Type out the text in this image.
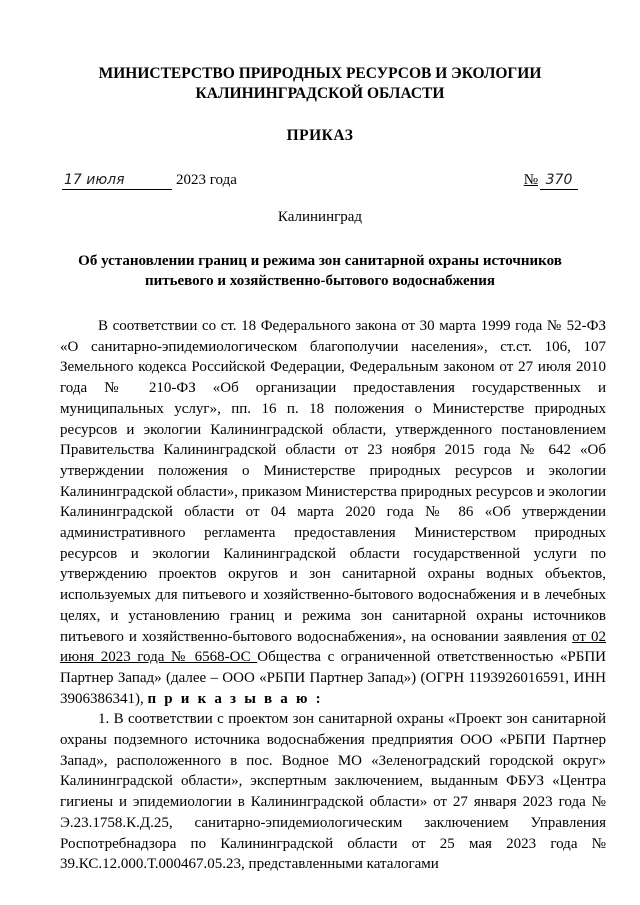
МИНИСТЕРСТВО ПРИРОДНЫХ РЕСУРСОВ И ЭКОЛОГИИ
КАЛИНИНГРАДСКОЙ ОБЛАСТИ
ПРИКАЗ
17 июля	2023 года	№ 370
Калининград
Об установлении границ и режима зон санитарной охраны источников питьевого и хозяйственно-бытового водоснабжения

В соответствии со ст. 18 Федерального закона от 30 марта 1999 года № 52-ФЗ «О санитарно-эпидемиологическом благополучии населения», ст.ст. 106, 107 Земельного кодекса Российской Федерации, Федеральным законом от 27 июля 2010 года № 210-ФЗ «Об организации предоставления государственных и муниципальных услуг», пп. 16 п. 18 положения о Министерстве природных ресурсов и экологии Калининградской области, утвержденного постановлением Правительства Калининградской области от 23 ноября 2015 года № 642 «Об утверждении положения о Министерстве природных ресурсов и экологии Калининградской области», приказом Министерства природных ресурсов и экологии Калининградской области от 04 марта 2020 года № 86 «Об утверждении административного регламента предоставления Министерством природных ресурсов и экологии Калининградской области государственной услуги по утверждению проектов округов и зон санитарной охраны водных объектов, используемых для питьевого и хозяйственно-бытового водоснабжения и в лечебных целях, и установлению границ и режима зон санитарной охраны источников питьевого и хозяйственно-бытового водоснабжения», на основании заявления от 02 июня 2023 года № 6568-ОС Общества с ограниченной ответственностью «РБПИ Партнер Запад» (далее – ООО «РБПИ Партнер Запад») (ОГРН 1193926016591, ИНН 3906386341), п р и к а з ы в а ю :

1. В соответствии с проектом зон санитарной охраны «Проект зон санитарной охраны подземного источника водоснабжения предприятия ООО «РБПИ Партнер Запад», расположенного в пос. Водное МО «Зеленоградский городской округ» Калининградской области», экспертным заключением, выданным ФБУЗ «Центра гигиены и эпидемиологии в Калининградской области» от 27 января 2023 года № Э.23.1758.К.Д.25, санитарно-эпидемиологическим заключением Управления Роспотребнадзора по Калининградской области от 25 мая 2023 года № 39.КС.12.000.Т.000467.05.23, представленными каталогами
